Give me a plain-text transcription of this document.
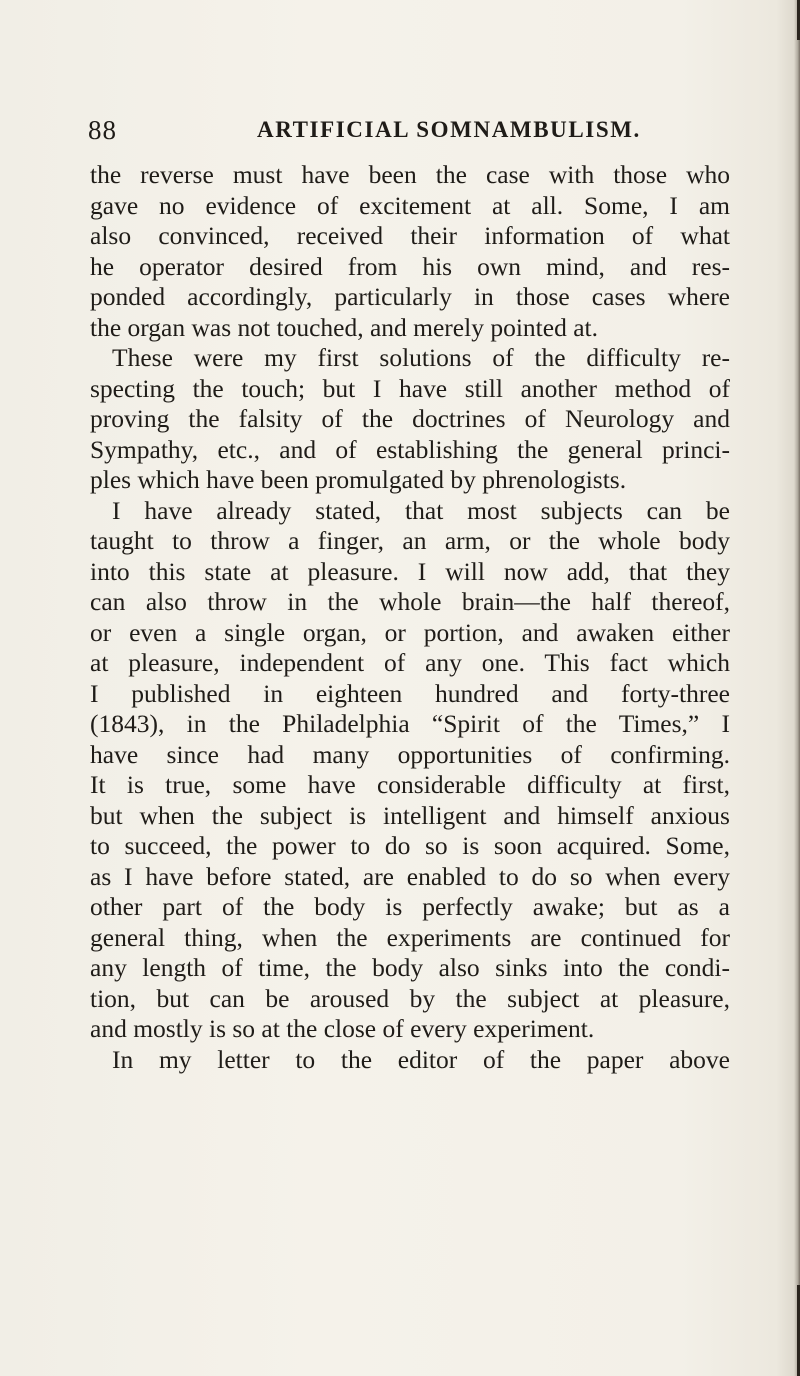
88	ARTIFICIAL SOMNAMBULISM.
the reverse must have been the case with those who
gave no evidence of excitement at all. Some, I am
also convinced, received their information of what
he operator desired from his own mind, and res-
ponded accordingly, particularly in those cases where
the organ was not touched, and merely pointed at.
These were my first solutions of the difficulty re-
specting the touch; but I have still another method of
proving the falsity of the doctrines of Neurology and
Sympathy, etc., and of establishing the general princi-
ples which have been promulgated by phrenologists.
I have already stated, that most subjects can be
taught to throw a finger, an arm, or the whole body
into this state at pleasure. I will now add, that they
can also throw in the whole brain—the half thereof,
or even a single organ, or portion, and awaken either
at pleasure, independent of any one. This fact which
I published in eighteen hundred and forty-three
(1843), in the Philadelphia “Spirit of the Times,” I
have since had many opportunities of confirming.
It is true, some have considerable difficulty at first,
but when the subject is intelligent and himself anxious
to succeed, the power to do so is soon acquired. Some,
as I have before stated, are enabled to do so when every
other part of the body is perfectly awake; but as a
general thing, when the experiments are continued for
any length of time, the body also sinks into the condi-
tion, but can be aroused by the subject at pleasure,
and mostly is so at the close of every experiment.
In my letter to the editor of the paper above
